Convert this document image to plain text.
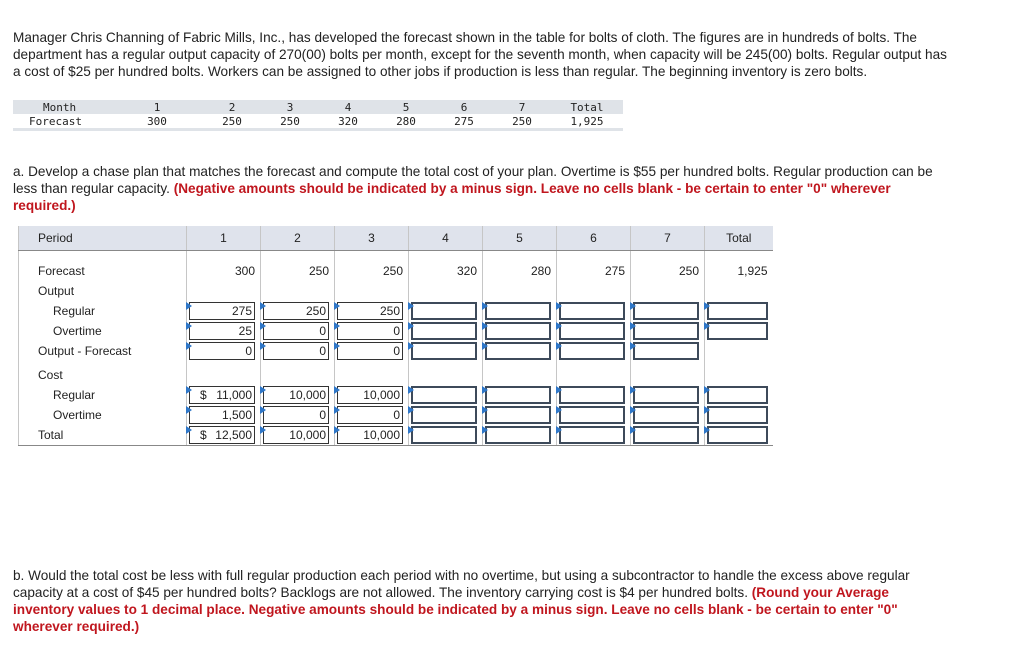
Manager Chris Channing of Fabric Mills, Inc., has developed the forecast shown in the table for bolts of cloth. The figures are in hundreds of bolts. The department has a regular output capacity of 270(00) bolts per month, except for the seventh month, when capacity will be 245(00) bolts. Regular output has a cost of $25 per hundred bolts. Workers can be assigned to other jobs if production is less than regular. The beginning inventory is zero bolts.
Month	1	2	3	4	5	6	7	Total
Forecast	300	250	250	320	280	275	250	1,925
a. Develop a chase plan that matches the forecast and compute the total cost of your plan. Overtime is $55 per hundred bolts. Regular production can be less than regular capacity. (Negative amounts should be indicated by a minus sign. Leave no cells blank - be certain to enter "0" wherever required.)
Period	1	2	3	4	5	6	7	Total

Forecast	300	250	250	320	280	275	250	1,925

Output								
Regular	275	250	250					

Overtime	25	0	0					

Output - Forecast	0	0	0					

Cost								
Regular	$ 11,000	10,000	10,000					

Overtime	1,500	0	0					

Total	$ 12,500	10,000	10,000					

b. Would the total cost be less with full regular production each period with no overtime, but using a subcontractor to handle the excess above regular capacity at a cost of $45 per hundred bolts? Backlogs are not allowed. The inventory carrying cost is $4 per hundred bolts. (Round your Average inventory values to 1 decimal place. Negative amounts should be indicated by a minus sign. Leave no cells blank - be certain to enter "0" wherever required.)
